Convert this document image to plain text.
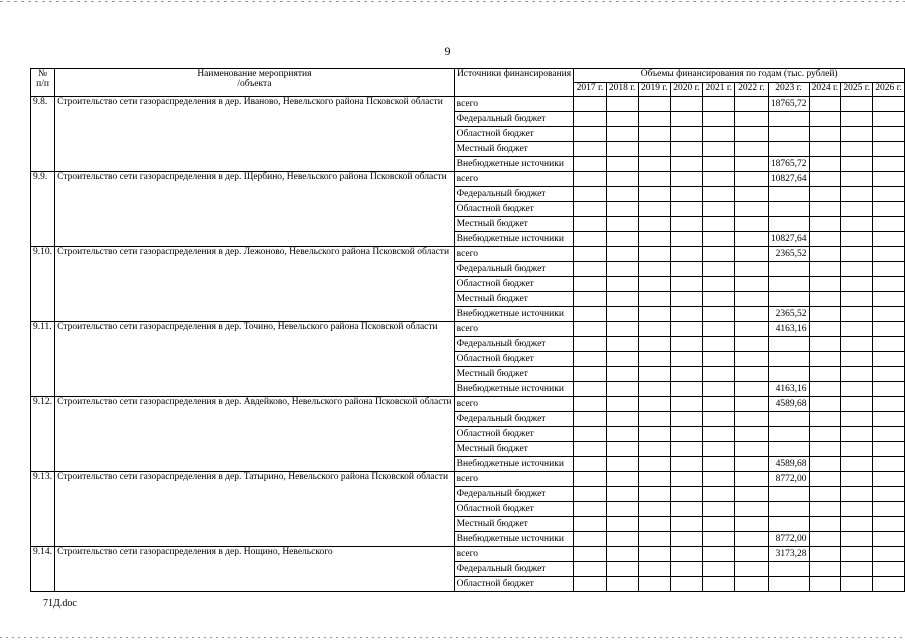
9
№
п/п	Наименование мероприятия
/объекта	Источники финансирования	Объемы финансирования по годам (тыс. рублей)									
			2017 г.	2018 г.	2019 г.	2020 г.	2021 г.	2022 г.	2023 г.	2024 г.	2025 г.	2026 г.
9.8.	Строительство сети газораспределения в дер. Иваново, Невельского района Псковской области	всего							18765,72			
		Федеральный бюджет										
		Областной бюджет										
		Местный бюджет										
		Внебюджетные источники							18765,72			
9.9.	Строительство сети газораспределения в дер. Щербино, Невельского района Псковской области	всего							10827,64			
		Федеральный бюджет										
		Областной бюджет										
		Местный бюджет										
		Внебюджетные источники							10827,64			
9.10.	Строительство сети газораспределения в дер. Лежоново, Невельского района Псковской области	всего							2365,52			
		Федеральный бюджет										
		Областной бюджет										
		Местный бюджет										
		Внебюджетные источники							2365,52			
9.11.	Строительство сети газораспределения в дер. Точино, Невельского района Псковской области	всего							4163,16			
		Федеральный бюджет										
		Областной бюджет										
		Местный бюджет										
		Внебюджетные источники							4163,16			
9.12.	Строительство сети газораспределения в дер. Авдейково, Невельского района Псковской области	всего							4589,68			
		Федеральный бюджет										
		Областной бюджет										
		Местный бюджет										
		Внебюджетные источники							4589,68			
9.13.	Строительство сети газораспределения в дер. Татырино, Невельского района Псковской области	всего							8772,00			
		Федеральный бюджет										
		Областной бюджет										
		Местный бюджет										
		Внебюджетные источники							8772,00			
9.14.	Строительство сети газораспределения в дер. Нощино, Невельского	всего							3173,28			
		Федеральный бюджет										
		Областной бюджет										
71Д.doc
